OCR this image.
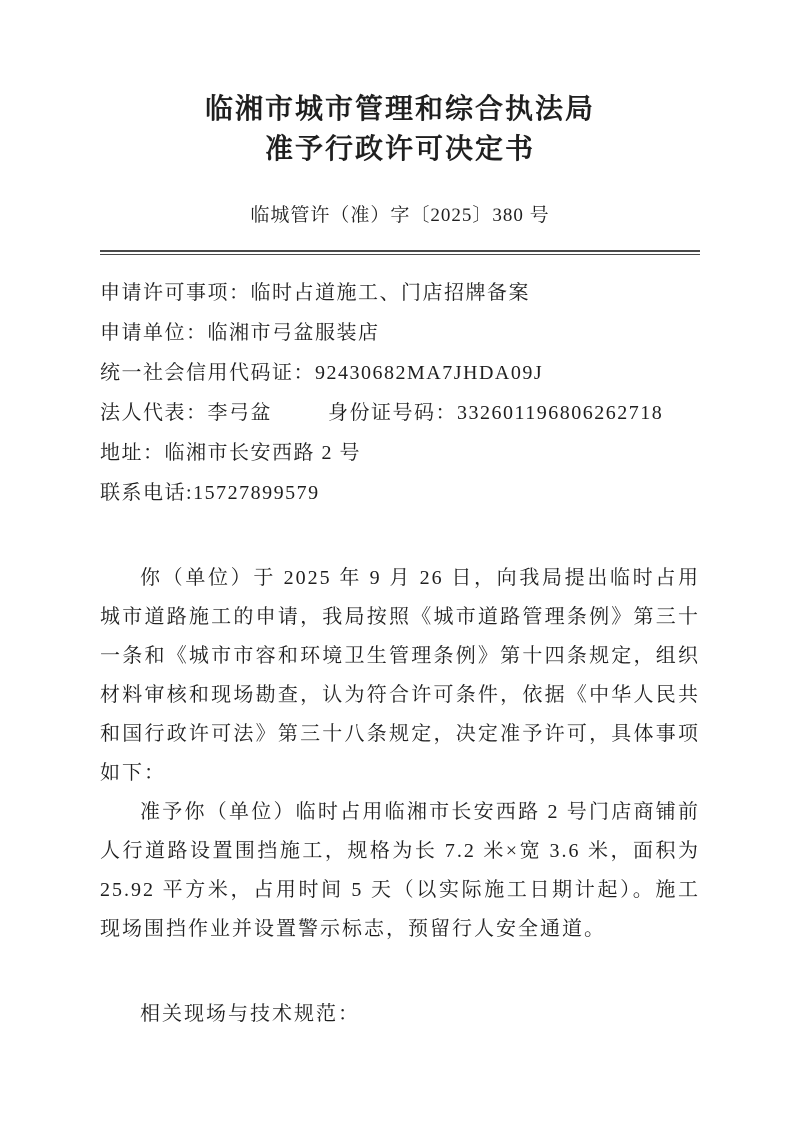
临湘市城市管理和综合执法局
准予行政许可决定书
临城管许（准）字〔2025〕380 号
申请许可事项：临时占道施工、门店招牌备案
申请单位：临湘市弓盆服装店
统一社会信用代码证：92430682MA7JHDA09J
法人代表：李弓盆	身份证号码：332601196806262718
地址：临湘市长安西路 2 号
联系电话:15727899579

你（单位）于 2025 年 9 月 26 日，向我局提出临时占用城市道路施工的申请，我局按照《城市道路管理条例》第三十一条和《城市市容和环境卫生管理条例》第十四条规定，组织材料审核和现场勘查，认为符合许可条件，依据《中华人民共和国行政许可法》第三十八条规定，决定准予许可，具体事项如下：

准予你（单位）临时占用临湘市长安西路 2 号门店商铺前人行道路设置围挡施工，规格为长 7.2 米×宽 3.6 米，面积为 25.92 平方米，占用时间 5 天（以实际施工日期计起）。施工现场围挡作业并设置警示标志，预留行人安全通道。

相关现场与技术规范：
